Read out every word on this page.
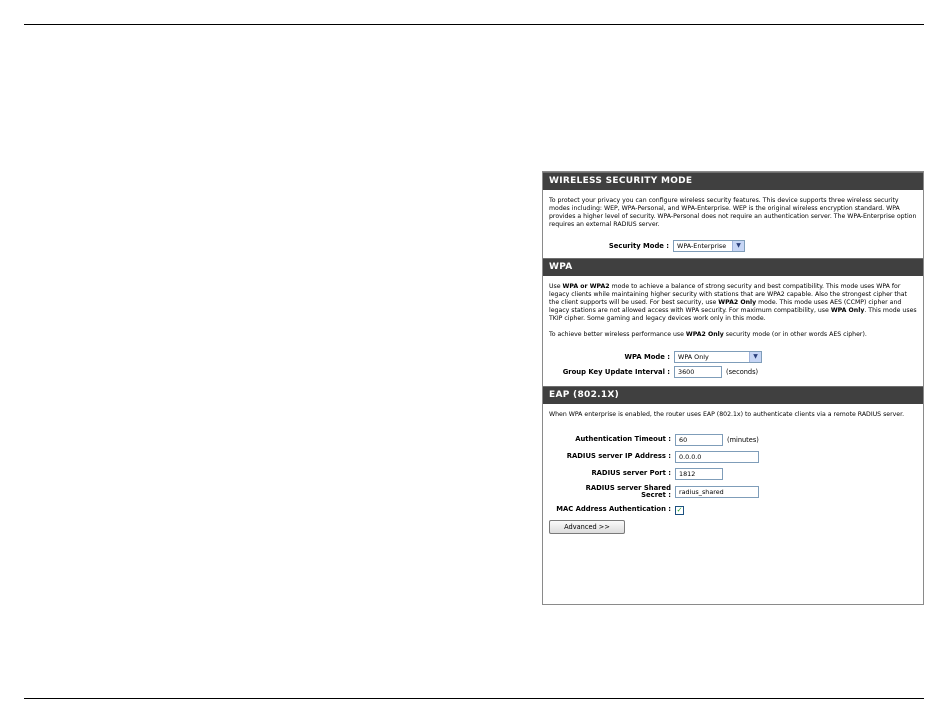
WIRELESS SECURITY MODE

To protect your privacy you can configure wireless security features. This device supports three wireless security modes including: WEP, WPA-Personal, and WPA-Enterprise. WEP is the original wireless encryption standard. WPA provides a higher level of security. WPA-Personal does not require an authentication server. The WPA-Enterprise option requires an external RADIUS server.

Security Mode :	WPA-Enterprise	▼
WPA

Use WPA or WPA2 mode to achieve a balance of strong security and best compatibility. This mode uses WPA for legacy clients while maintaining higher security with stations that are WPA2 capable. Also the strongest cipher that the client supports will be used. For best security, use WPA2 Only mode. This mode uses AES (CCMP) cipher and legacy stations are not allowed access with WPA security. For maximum compatibility, use WPA Only. This mode uses TKIP cipher. Some gaming and legacy devices work only in this mode.

To achieve better wireless performance use WPA2 Only security mode (or in other words AES cipher).

WPA Mode :	WPA Only	▼
Group Key Update Interval :	3600	(seconds)
EAP (802.1X)

When WPA enterprise is enabled, the router uses EAP (802.1x) to authenticate clients via a remote RADIUS server.

Authentication Timeout :	60	(minutes)
RADIUS server IP Address :	0.0.0.0
RADIUS server Port :	1812
RADIUS server Shared Secret :	radius_shared
MAC Address Authentication : ✓
Advanced >>
